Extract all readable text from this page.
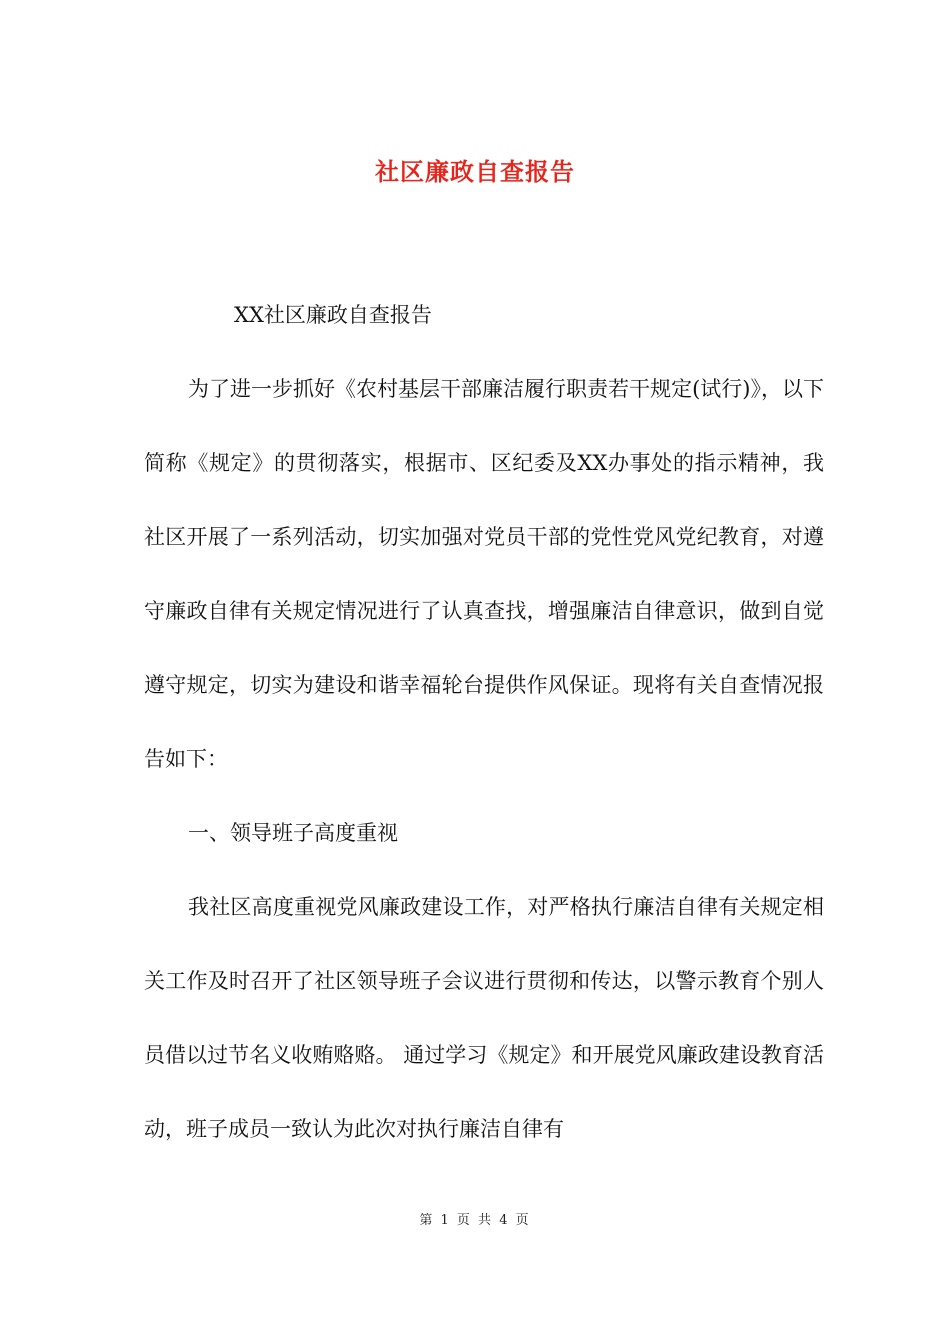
社区廉政自查报告

XX社区廉政自查报告

为了进一步抓好《农村基层干部廉洁履行职责若干规定(试行)》，以下简称《规定》的贯彻落实，根据市、区纪委及XX办事处的指示精神，我社区开展了一系列活动，切实加强对党员干部的党性党风党纪教育，对遵守廉政自律有关规定情况进行了认真查找，增强廉洁自律意识，做到自觉遵守规定，切实为建设和谐幸福轮台提供作风保证。现将有关自查情况报告如下：

一、领导班子高度重视

我社区高度重视党风廉政建设工作，对严格执行廉洁自律有关规定相关工作及时召开了社区领导班子会议进行贯彻和传达，以警示教育个别人员借以过节名义收贿赂赂。 通过学习《规定》和开展党风廉政建设教育活动，班子成员一致认为此次对执行廉洁自律有

第 1 页 共 4 页
